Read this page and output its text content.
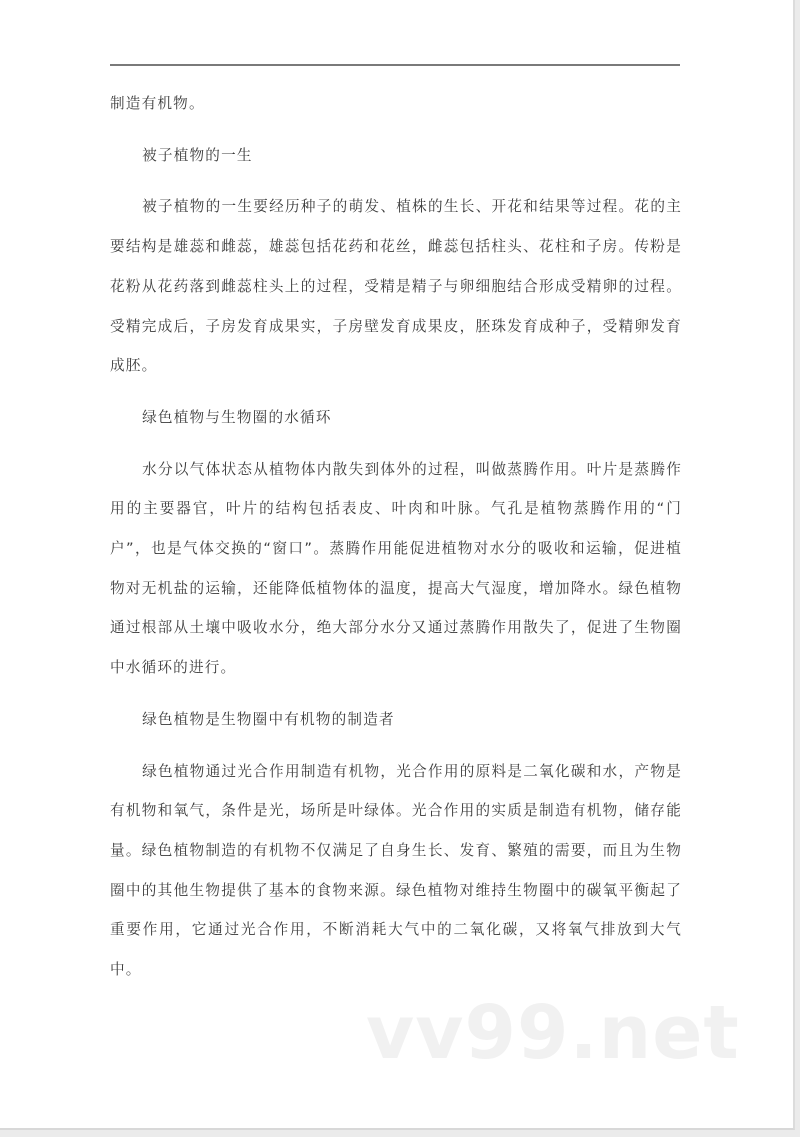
制造有机物。

被子植物的一生

被子植物的一生要经历种子的萌发、植株的生长、开花和结果等过程。花的主要结构是雄蕊和雌蕊，雄蕊包括花药和花丝，雌蕊包括柱头、花柱和子房。传粉是花粉从花药落到雌蕊柱头上的过程，受精是精子与卵细胞结合形成受精卵的过程。受精完成后，子房发育成果实，子房壁发育成果皮，胚珠发育成种子，受精卵发育成胚。

绿色植物与生物圈的水循环

水分以气体状态从植物体内散失到体外的过程，叫做蒸腾作用。叶片是蒸腾作用的主要器官，叶片的结构包括表皮、叶肉和叶脉。气孔是植物蒸腾作用的“门户”，也是气体交换的“窗口”。蒸腾作用能促进植物对水分的吸收和运输，促进植物对无机盐的运输，还能降低植物体的温度，提高大气湿度，增加降水。绿色植物通过根部从土壤中吸收水分，绝大部分水分又通过蒸腾作用散失了，促进了生物圈中水循环的进行。

绿色植物是生物圈中有机物的制造者

绿色植物通过光合作用制造有机物，光合作用的原料是二氧化碳和水，产物是有机物和氧气，条件是光，场所是叶绿体。光合作用的实质是制造有机物，储存能量。绿色植物制造的有机物不仅满足了自身生长、发育、繁殖的需要，而且为生物圈中的其他生物提供了基本的食物来源。绿色植物对维持生物圈中的碳氧平衡起了重要作用，它通过光合作用，不断消耗大气中的二氧化碳，又将氧气排放到大气中。

vv99.net
